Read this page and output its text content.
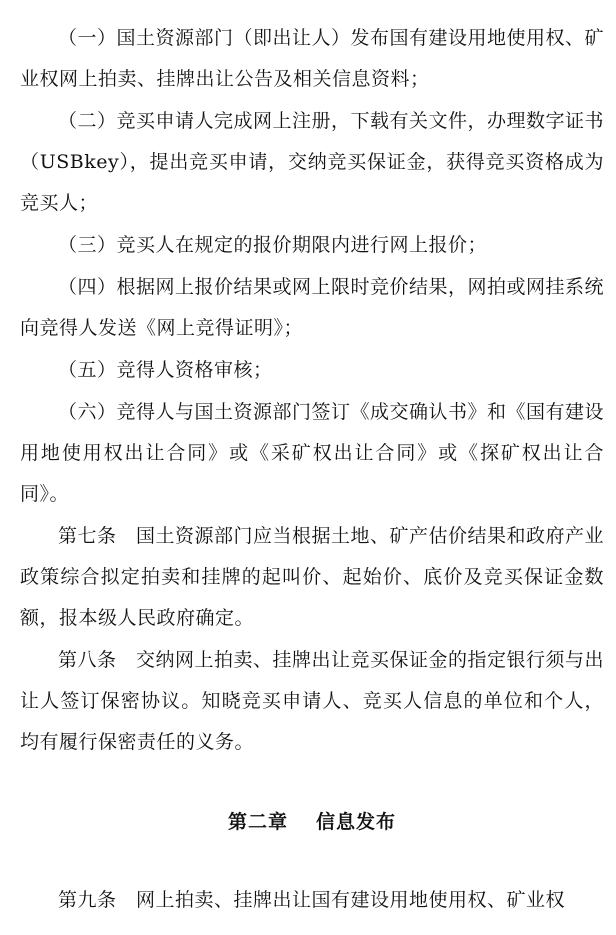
（一）国土资源部门（即出让人）发布国有建设用地使用权、矿业权网上拍卖、挂牌出让公告及相关信息资料；

（二）竞买申请人完成网上注册，下载有关文件，办理数字证书（USBkey），提出竞买申请，交纳竞买保证金，获得竞买资格成为竞买人；

（三）竞买人在规定的报价期限内进行网上报价；

（四）根据网上报价结果或网上限时竞价结果，网拍或网挂系统向竞得人发送《网上竞得证明》；

（五）竞得人资格审核；

（六）竞得人与国土资源部门签订《成交确认书》和《国有建设用地使用权出让合同》或《采矿权出让合同》或《探矿权出让合同》。

第七条　国土资源部门应当根据土地、矿产估价结果和政府产业政策综合拟定拍卖和挂牌的起叫价、起始价、底价及竞买保证金数额，报本级人民政府确定。

第八条　交纳网上拍卖、挂牌出让竞买保证金的指定银行须与出让人签订保密协议。知晓竞买申请人、竞买人信息的单位和个人，均有履行保密责任的义务。

第二章 信息发布

第九条　网上拍卖、挂牌出让国有建设用地使用权、矿业权
